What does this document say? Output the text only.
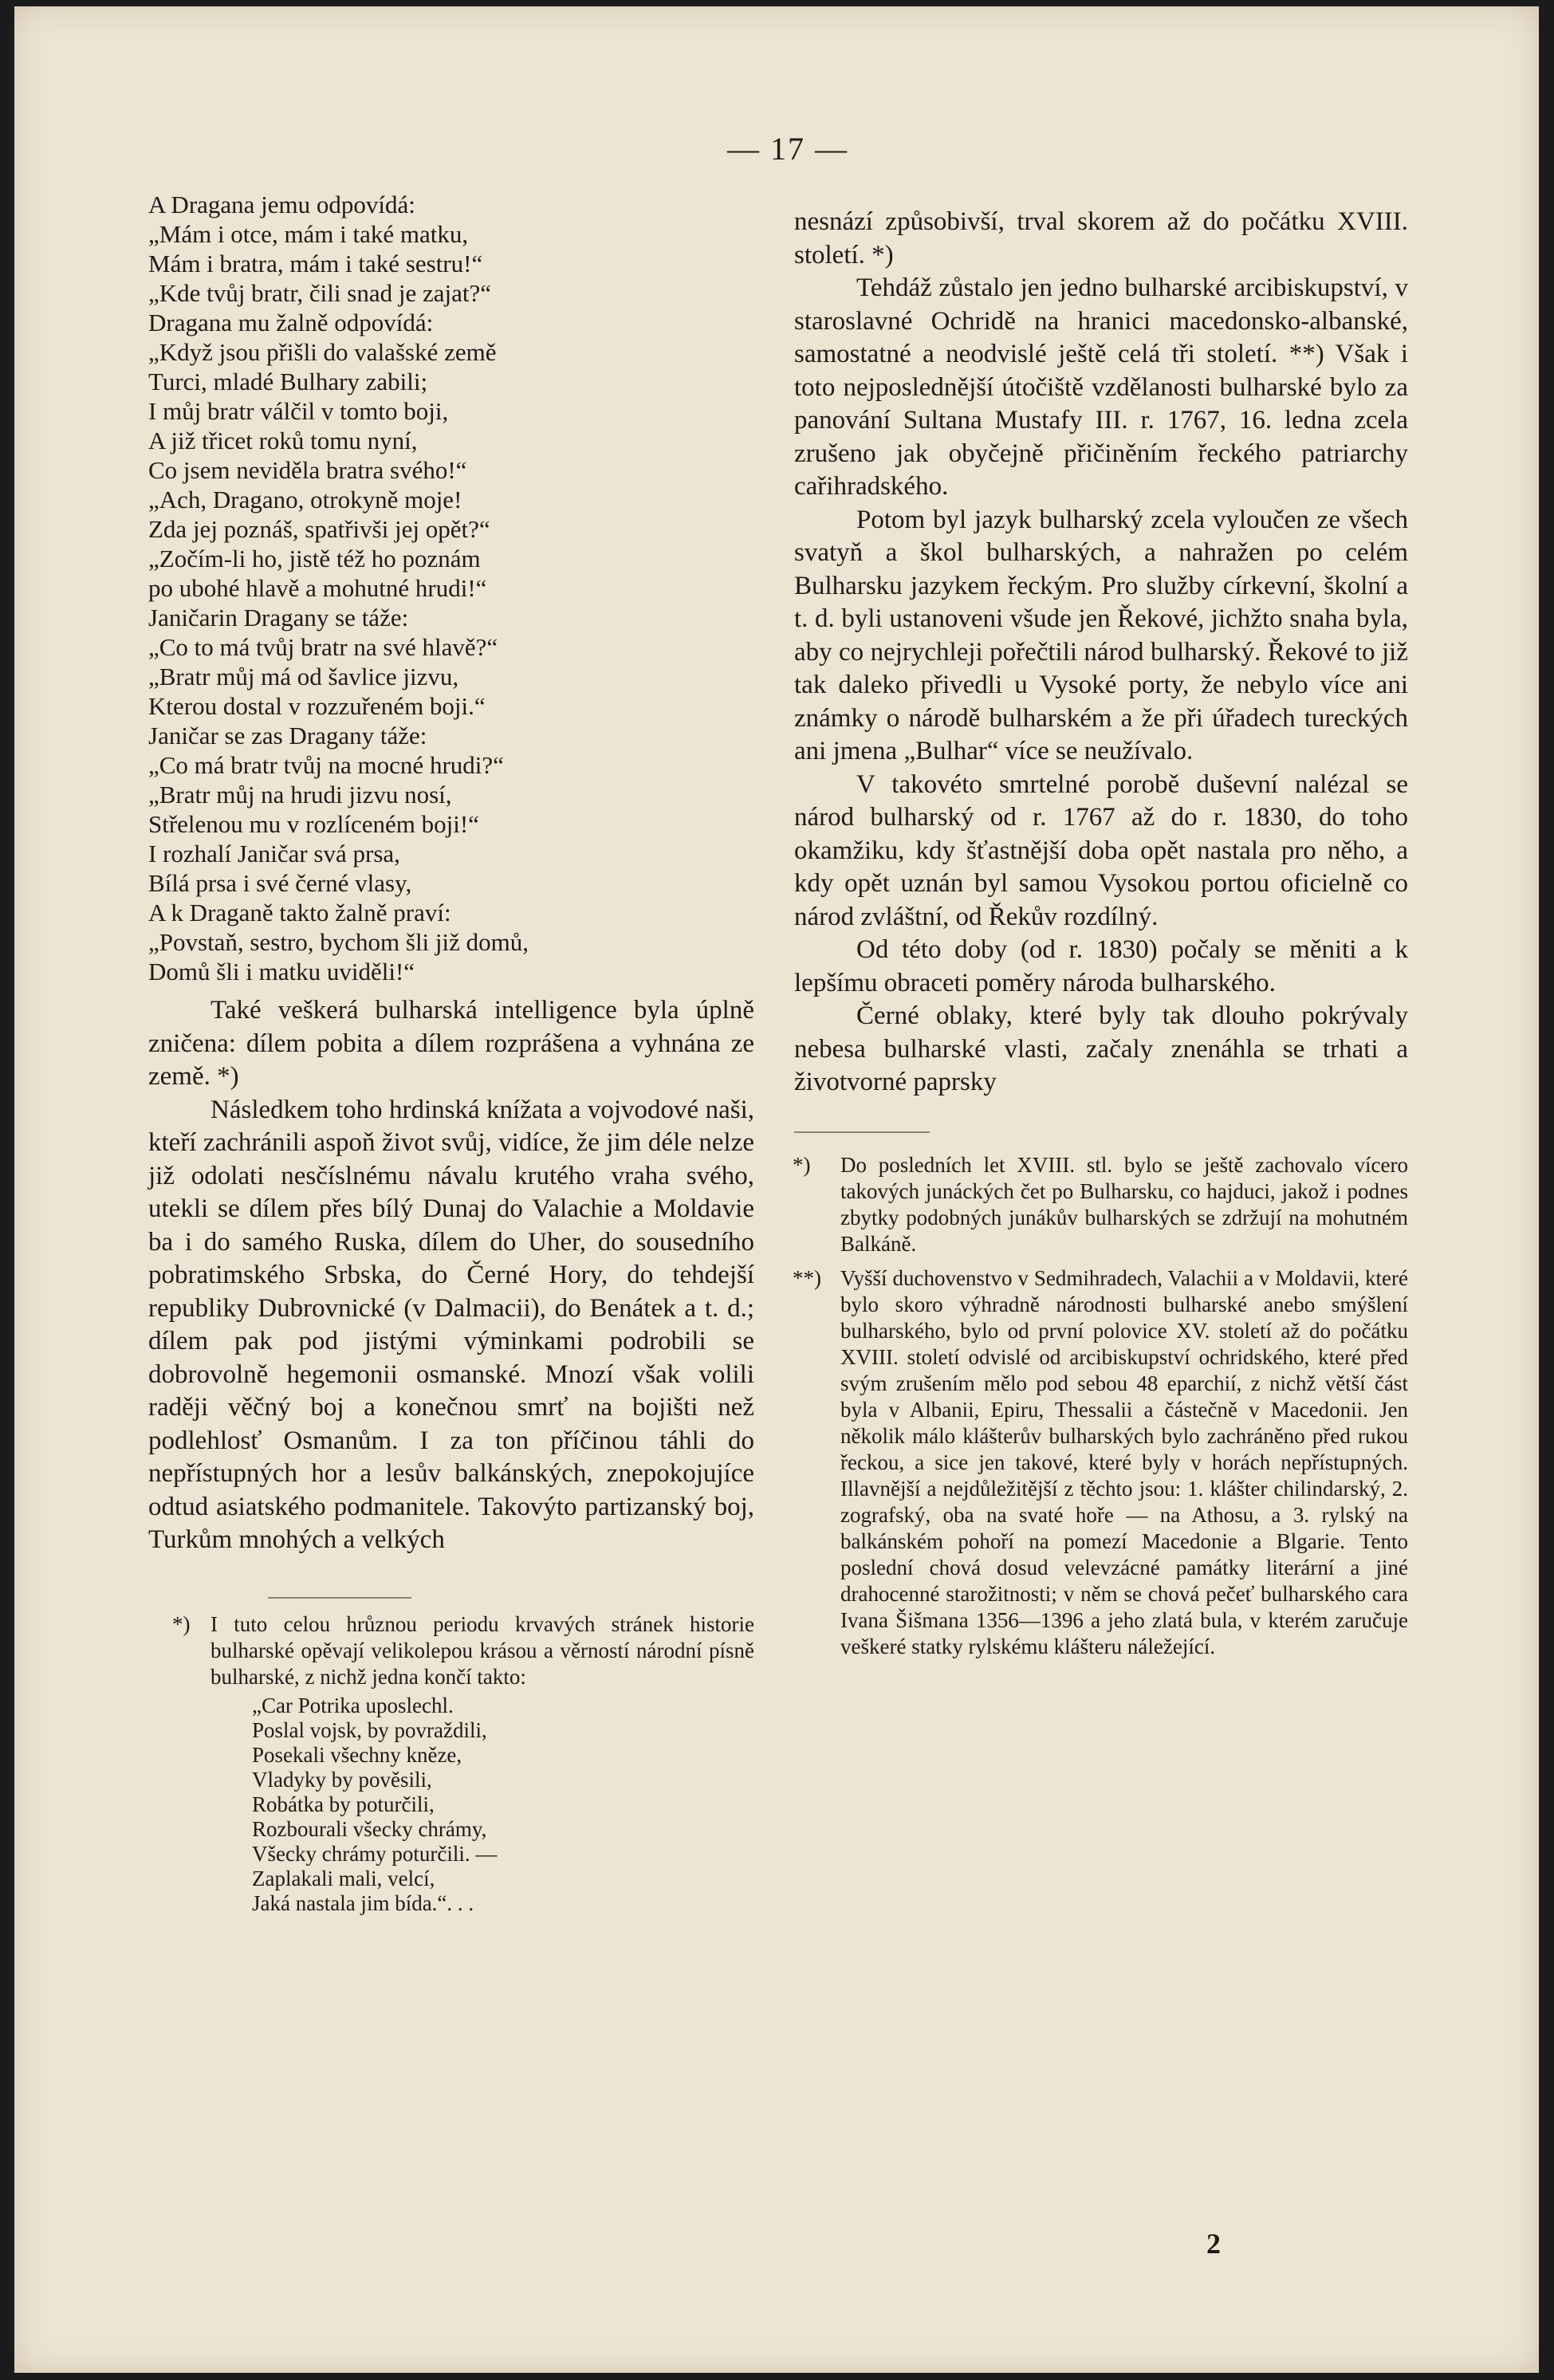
— 17 —
A Dragana jemu odpovídá:
„Mám i otce, mám i také matku,
Mám i bratra, mám i také sestru!“
„Kde tvůj bratr, čili snad je zajat?“
Dragana mu žalně odpovídá:
„Když jsou přišli do valašské země
Turci, mladé Bulhary zabili;
I můj bratr válčil v tomto boji,
A již třicet roků tomu nyní,
Co jsem neviděla bratra svého!“
„Ach, Dragano, otrokyně moje!
Zda jej poznáš, spatřivši jej opět?“
„Zočím-li ho, jistě též ho poznám
po ubohé hlavě a mohutné hrudi!“
Janičarin Dragany se táže:
„Co to má tvůj bratr na své hlavě?“
„Bratr můj má od šavlice jizvu,
Kterou dostal v rozzuřeném boji.“
Janičar se zas Dragany táže:
„Co má bratr tvůj na mocné hrudi?“
„Bratr můj na hrudi jizvu nosí,
Střelenou mu v rozlíceném boji!“
I rozhalí Janičar svá prsa,
Bílá prsa i své černé vlasy,
A k Draganě takto žalně praví:
„Povstaň, sestro, bychom šli již domů,
Domů šli i matku uviděli!“

Také veškerá bulharská intelligence byla úplně zničena: dílem pobita a dílem rozprášena a vyhnána ze země. *)

Následkem toho hrdinská knížata a vojvodové naši, kteří zachránili aspoň život svůj, vidíce, že jim déle nelze již odolati nesčíslnému návalu krutého vraha svého, utekli se dílem přes bílý Dunaj do Valachie a Moldavie ba i do samého Ruska, dílem do Uher, do sousedního pobratimského Srbska, do Černé Hory, do tehdejší republiky Dubrovnické (v Dalmacii), do Benátek a t. d.; dílem pak pod jistými výminkami podrobili se dobrovolně hegemonii osmanské. Mnozí však volili raději věčný boj a konečnou smrť na bojišti než podlehlosť Osmanům. I za ton příčinou táhli do nepřístupných hor a lesův balkánských, znepokojujíce odtud asiatského podmanitele. Takovýto partizanský boj, Turkům mnohých a velkých

*) I tuto celou hrůznou periodu krvavých stránek historie bulharské opěvají velikolepou krásou a věrností národní písně bulharské, z nichž jedna končí takto:

„Car Potrika uposlechl.
Poslal vojsk, by povraždili,
Posekali všechny kněze,
Vladyky by pověsili,
Robátka by poturčili,
Rozbourali všecky chrámy,
Všecky chrámy poturčili. —
Zaplakali mali, velcí,
Jaká nastala jim bída.“. . .

nesnází způsobivší, trval skorem až do počátku XVIII. století. *)

Tehdáž zůstalo jen jedno bulharské arcibiskupství, v staroslavné Ochridě na hranici macedonsko-albanské, samostatné a neodvislé ještě celá tři století. **) Však i toto nejposlednější útočiště vzdělanosti bulharské bylo za panování Sultana Mustafy III. r. 1767, 16. ledna zcela zrušeno jak obyčejně přičiněním řeckého patriarchy cařihradského.

Potom byl jazyk bulharský zcela vyloučen ze všech svatyň a škol bulharských, a nahražen po celém Bulharsku jazykem řeckým. Pro služby církevní, školní a t. d. byli ustanoveni všude jen Řekové, jichžto snaha byla, aby co nejrychleji pořečtili národ bulharský. Řekové to již tak daleko přivedli u Vysoké porty, že nebylo více ani známky o národě bulharském a že při úřadech tureckých ani jmena „Bulhar“ více se neužívalo.

V takovéto smrtelné porobě duševní nalézal se národ bulharský od r. 1767 až do r. 1830, do toho okamžiku, kdy šťastnější doba opět nastala pro něho, a kdy opět uznán byl samou Vysokou portou oficielně co národ zvláštní, od Řekův rozdílný.

Od této doby (od r. 1830) počaly se měniti a k lepšímu obraceti poměry národa bulharského.

Černé oblaky, které byly tak dlouho pokrývaly nebesa bulharské vlasti, začaly znenáhla se trhati a životvorné paprsky

*) Do posledních let XVIII. stl. bylo se ještě zachovalo vícero takových junáckých čet po Bulharsku, co hajduci, jakož i podnes zbytky podobných junákův bulharských se zdržují na mohutném Balkáně.

**) Vyšší duchovenstvo v Sedmihradech, Valachii a v Moldavii, které bylo skoro výhradně národnosti bulharské anebo smýšlení bulharského, bylo od první polovice XV. století až do počátku XVIII. století odvislé od arcibiskupství ochridského, které před svým zrušením mělo pod sebou 48 eparchií, z nichž větší část byla v Albanii, Epiru, Thessalii a částečně v Macedonii. Jen několik málo klášterův bulharských bylo zachráněno před rukou řeckou, a sice jen takové, které byly v horách nepřístupných. Illavnější a nejdůležitější z těchto jsou: 1. klášter chilindarský, 2. zografský, oba na svaté hoře — na Athosu, a 3. rylský na balkánském pohoří na pomezí Macedonie a Blgarie. Tento poslední chová dosud velevzácné památky literární a jiné drahocenné starožitnosti; v něm se chová pečeť bulharského cara Ivana Šišmana 1356—1396 a jeho zlatá bula, v kterém zaručuje veškeré statky rylskému klášteru náležející.

2
